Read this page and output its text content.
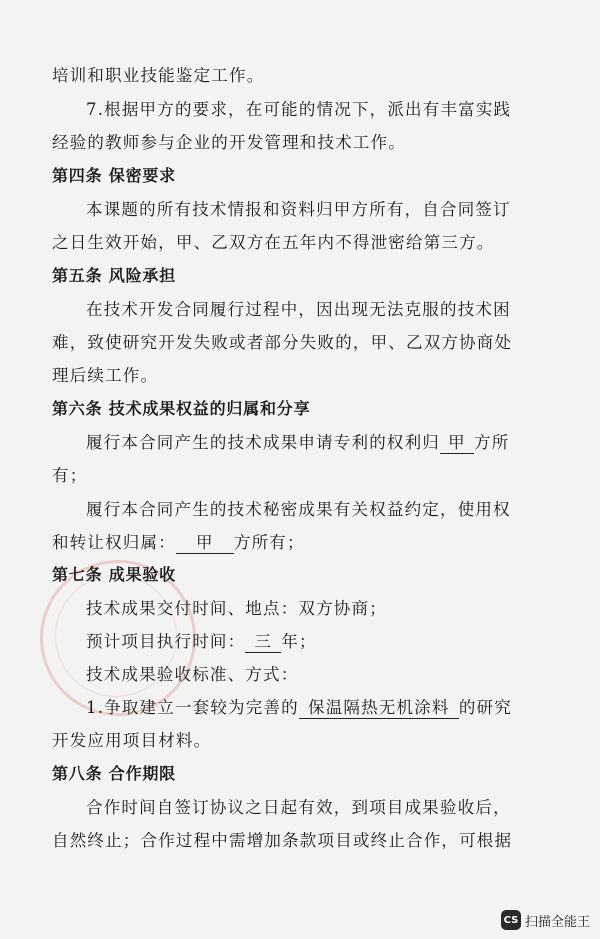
培训和职业技能鉴定工作。
7.根据甲方的要求，在可能的情况下，派出有丰富实践
经验的教师参与企业的开发管理和技术工作。
第四条 保密要求
本课题的所有技术情报和资料归甲方所有，自合同签订
之日生效开始，甲、乙双方在五年内不得泄密给第三方。
第五条 风险承担
在技术开发合同履行过程中，因出现无法克服的技术困
难，致使研究开发失败或者部分失败的，甲、乙双方协商处
理后续工作。
第六条 技术成果权益的归属和分享
履行本合同产生的技术成果申请专利的权利归 甲 方所
有；
履行本合同产生的技术秘密成果有关权益约定，使用权
和转让权归属： 甲 方所有；
第七条 成果验收
技术成果交付时间、地点：双方协商；
预计项目执行时间： 三 年；
技术成果验收标准、方式：
1.争取建立一套较为完善的 保温隔热无机涂料 的研究
开发应用项目材料。
第八条 合作期限
合作时间自签订协议之日起有效，到项目成果验收后，
自然终止；合作过程中需增加条款项目或终止合作，可根据
CS 扫描全能王
